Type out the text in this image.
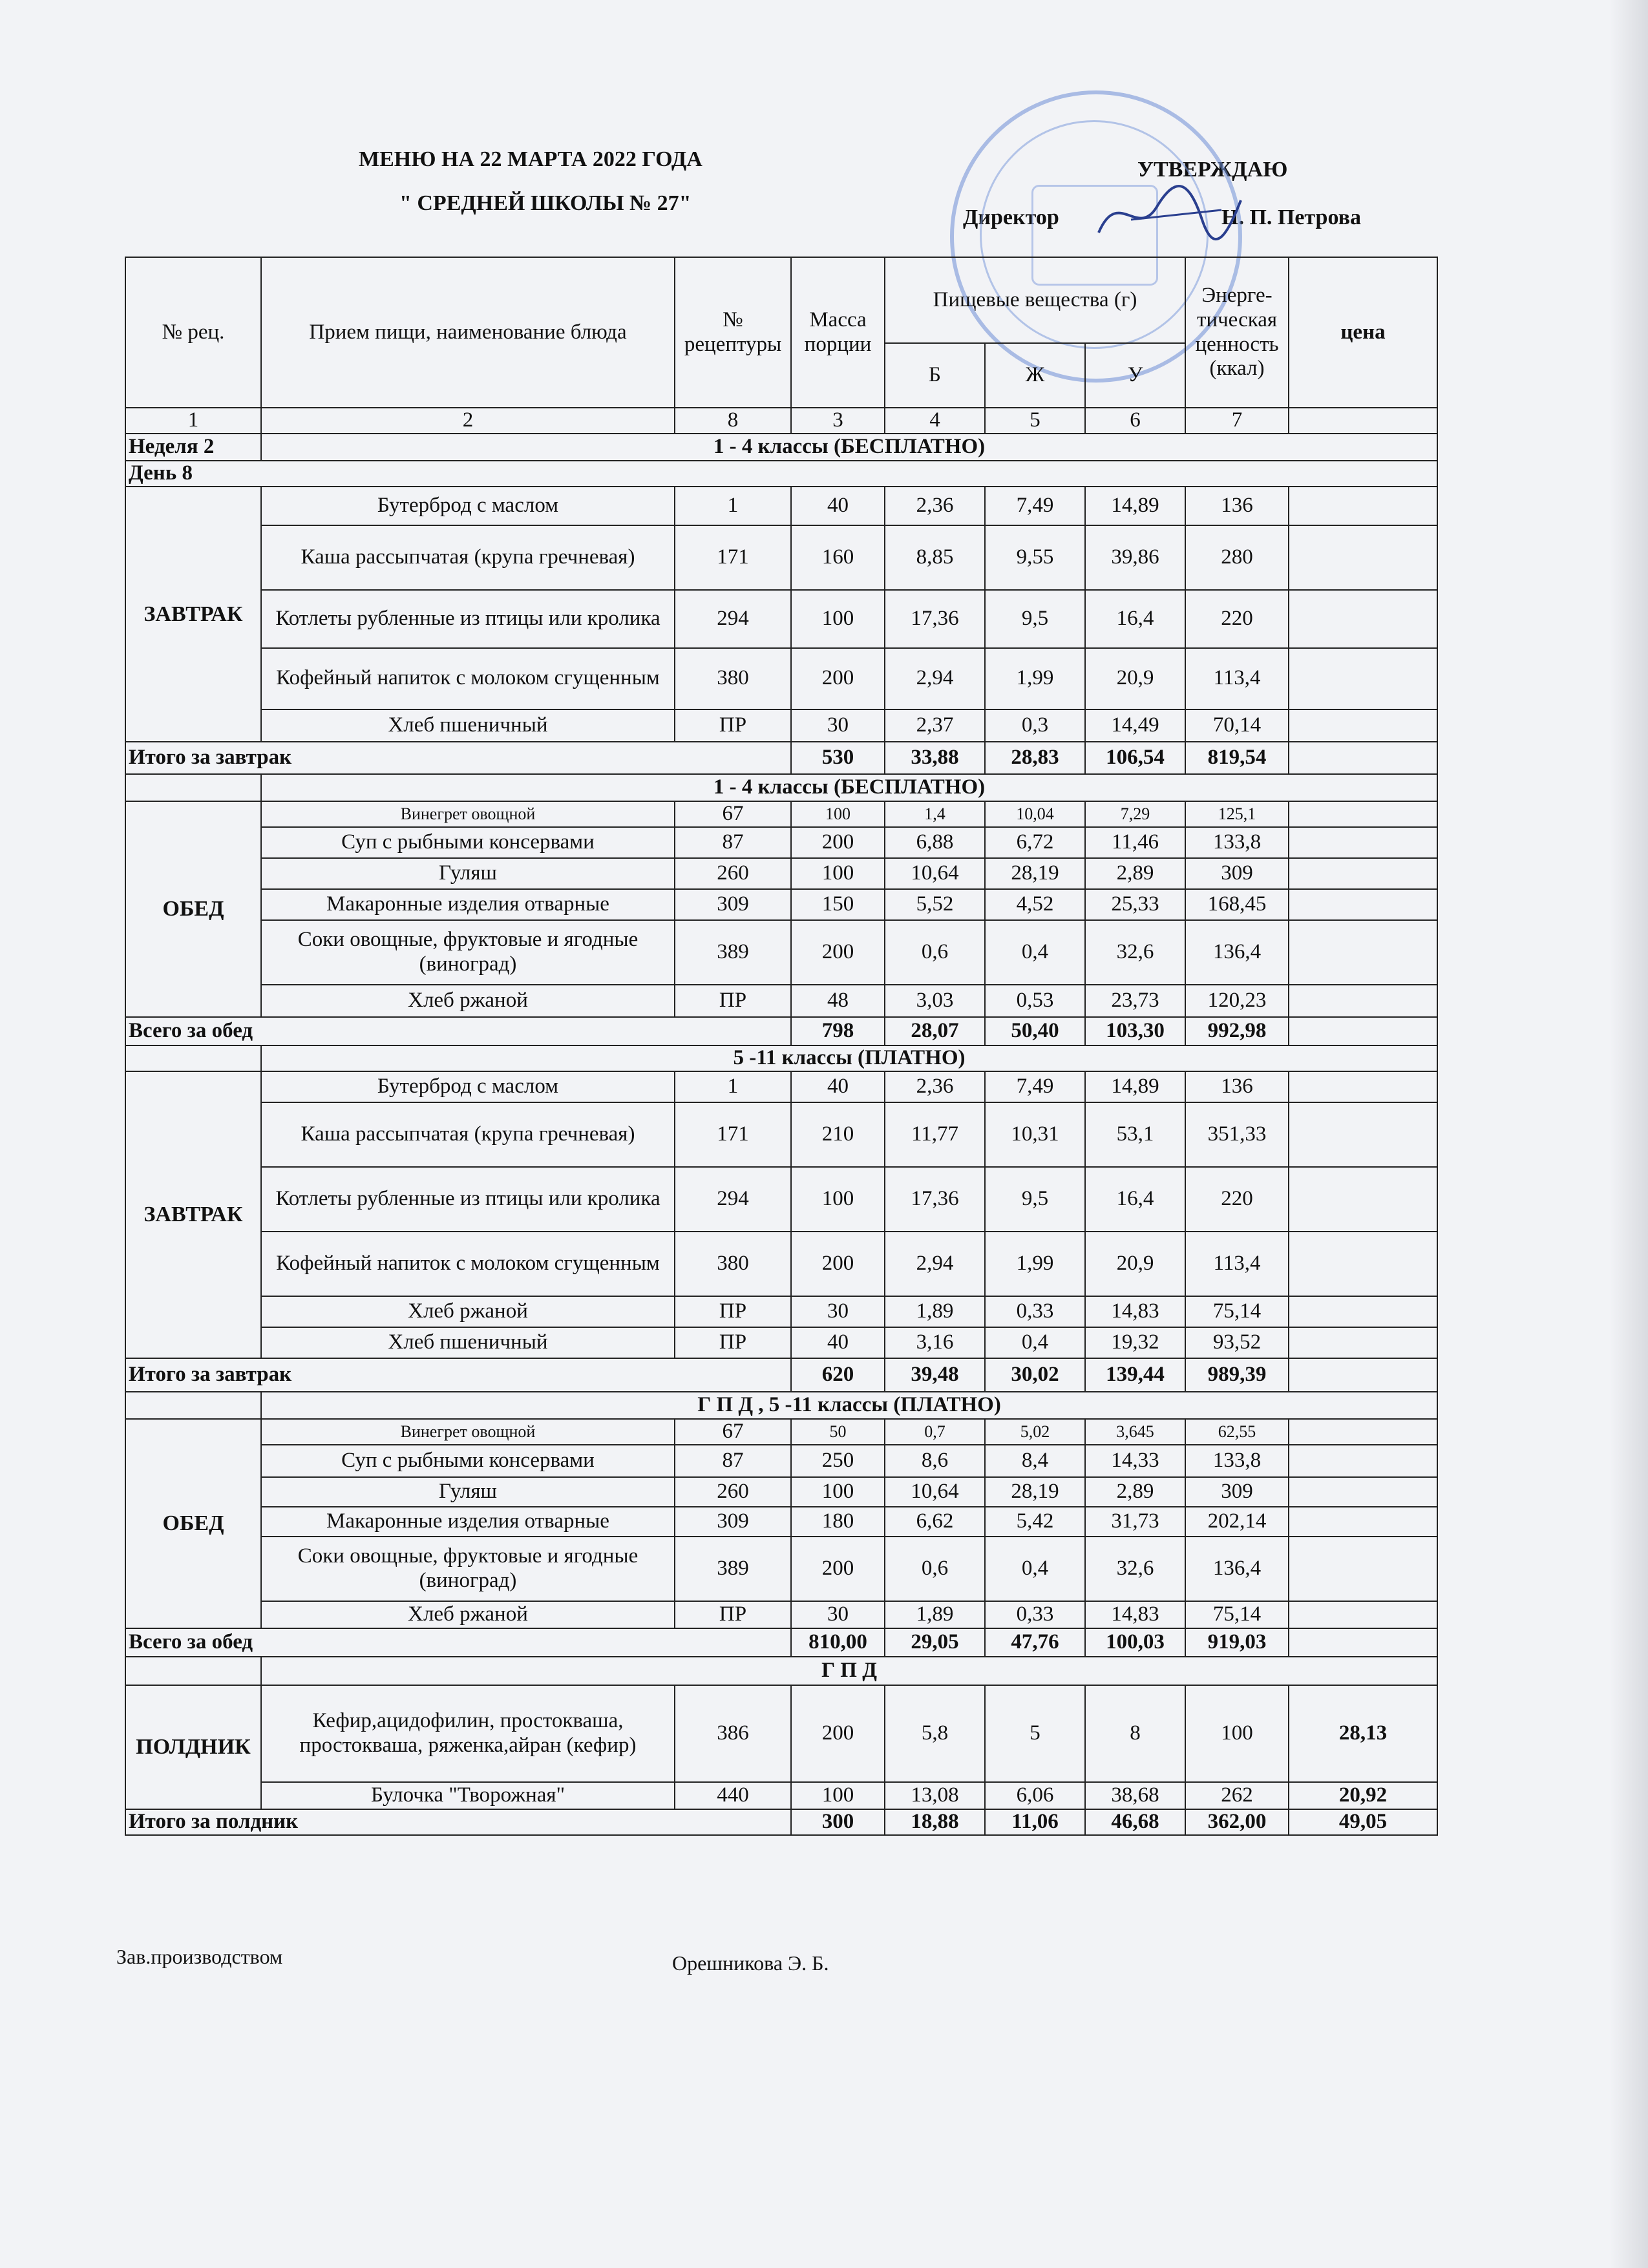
МЕНЮ НА 22 МАРТА 2022 ГОДА
" СРЕДНЕЙ ШКОЛЫ № 27"
УТВЕРЖДАЮ
Директор	Н. П. Петрова
№ рец.	Прием пищи, наименование блюда	№ рецептуры	Масса порции	Пищевые вещества (г)			Энерге-тическая ценность (ккал)	цена
				Б	Ж	У		
1	2	8	3	4	5	6	7	
Неделя 2	1 - 4 классы (БЕСПЛАТНО)							
День 8								
ЗАВТРАК	Бутерброд с маслом	1	40	2,36	7,49	14,89	136	
	Каша рассыпчатая (крупа гречневая)	171	160	8,85	9,55	39,86	280	
	Котлеты рубленные из птицы или кролика	294	100	17,36	9,5	16,4	220	
	Кофейный напиток с молоком сгущенным	380	200	2,94	1,99	20,9	113,4	
	Хлеб пшеничный	ПР	30	2,37	0,3	14,49	70,14	
Итого за завтрак			530	33,88	28,83	106,54	819,54	
	1 - 4 классы (БЕСПЛАТНО)							
ОБЕД	Винегрет овощной	67	100	1,4	10,04	7,29	125,1	
	Суп с рыбными консервами	87	200	6,88	6,72	11,46	133,8	
	Гуляш	260	100	10,64	28,19	2,89	309	
	Макаронные изделия отварные	309	150	5,52	4,52	25,33	168,45	
	Соки овощные, фруктовые и ягодные (виноград)	389	200	0,6	0,4	32,6	136,4	
	Хлеб ржаной	ПР	48	3,03	0,53	23,73	120,23	
Всего за обед			798	28,07	50,40	103,30	992,98	
	5 -11 классы (ПЛАТНО)							
ЗАВТРАК	Бутерброд с маслом	1	40	2,36	7,49	14,89	136	
	Каша рассыпчатая (крупа гречневая)	171	210	11,77	10,31	53,1	351,33	
	Котлеты рубленные из птицы или кролика	294	100	17,36	9,5	16,4	220	
	Кофейный напиток с молоком сгущенным	380	200	2,94	1,99	20,9	113,4	
	Хлеб ржаной	ПР	30	1,89	0,33	14,83	75,14	
	Хлеб пшеничный	ПР	40	3,16	0,4	19,32	93,52	
Итого за завтрак			620	39,48	30,02	139,44	989,39	
	Г П Д , 5 -11 классы (ПЛАТНО)							
ОБЕД	Винегрет овощной	67	50	0,7	5,02	3,645	62,55	
	Суп с рыбными консервами	87	250	8,6	8,4	14,33	133,8	
	Гуляш	260	100	10,64	28,19	2,89	309	
	Макаронные изделия отварные	309	180	6,62	5,42	31,73	202,14	
	Соки овощные, фруктовые и ягодные (виноград)	389	200	0,6	0,4	32,6	136,4	
	Хлеб ржаной	ПР	30	1,89	0,33	14,83	75,14	
Всего за обед			810,00	29,05	47,76	100,03	919,03	
	Г П Д							
ПОЛДНИК	Кефир,ацидофилин, простокваша, простокваша, ряженка,айран (кефир)	386	200	5,8	5	8	100	28,13
	Булочка "Творожная"	440	100	13,08	6,06	38,68	262	20,92
Итого за полдник			300	18,88	11,06	46,68	362,00	49,05
Зав.производством	Орешникова Э. Б.
